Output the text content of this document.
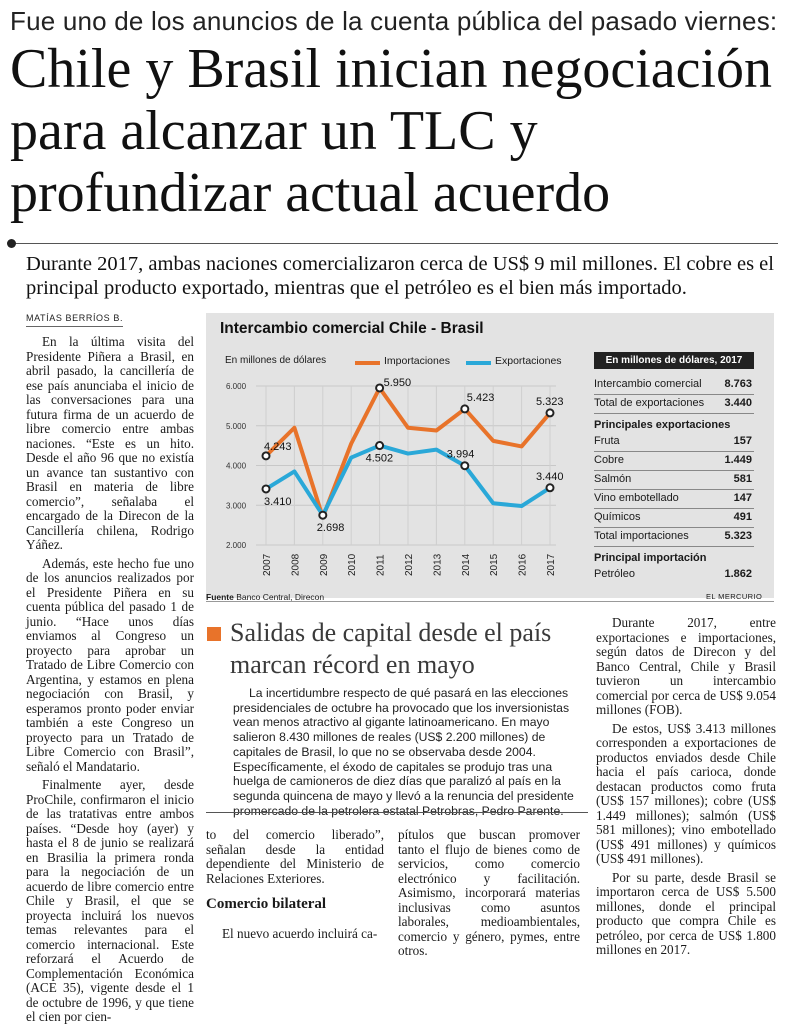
Fue uno de los anuncios de la cuenta pública del pasado viernes:
Chile y Brasil inician negociación
para alcanzar un TLC y
profundizar actual acuerdo
Durante 2017, ambas naciones comercializaron cerca de US$ 9 mil millones. El cobre es el principal producto exportado, mientras que el petróleo es el bien más importado.
MATÍAS BERRÍOS B.

En la última visita del Presidente Piñera a Brasil, en abril pasado, la cancillería de ese país anunciaba el inicio de las conversaciones para una futura firma de un acuerdo de libre comercio entre ambas naciones. “Este es un hito. Desde el año 96 que no existía un avance tan sustantivo con Brasil en materia de libre comercio”, señalaba el encargado de la Direcon de la Cancillería chilena, Rodrigo Yáñez.

Además, este hecho fue uno de los anuncios realizados por el Presidente Piñera en su cuenta pública del pasado 1 de junio. “Hace unos días enviamos al Congreso un proyecto para aprobar un Tratado de Libre Comercio con Argentina, y estamos en plena negociación con Brasil, y esperamos pronto poder enviar también a este Congreso un proyecto para un Tratado de Libre Comercio con Brasil”, señaló el Mandatario.

Finalmente ayer, desde ProChile, confirmaron el inicio de las tratativas entre ambos países. “Desde hoy (ayer) y hasta el 8 de junio se realizará en Brasilia la primera ronda para la negociación de un acuerdo de libre comercio entre Chile y Brasil, el que se proyecta incluirá los nuevos temas relevantes para el comercio internacional. Este reforzará el Acuerdo de Complementación Económica (ACE 35), vigente desde el 1 de octubre de 1996, y que tiene el cien por cien-

Intercambio comercial Chile - Brasil
En millones de dólares	Importaciones	Exportaciones
2.000
3.000
4.000
5.000
6.000
2007 2008 2009 2010 2011 2012 2013 2014 2015 2016 2017
4.243
5.950
5.423	5.323
3.410
2.698
4.502	3.994
3.440
Fuente Banco Central, Direcon	EL MERCURIO
En millones de dólares, 2017
Intercambio comercial 8.763
Total de exportaciones 3.440
Principales exportaciones
Fruta	157
Cobre	1.449
Salmón	581
Vino embotellado	147
Químicos	491
Total importaciones	5.323
Principal importación
Petróleo	1.862
Salidas de capital desde el país
marcan récord en mayo

La incertidumbre respecto de qué pasará en las elecciones presidenciales de octubre ha provocado que los inversionistas vean menos atractivo al gigante latinoamericano. En mayo salieron 8.430 millones de reales (US$ 2.200 millones) de capitales de Brasil, lo que no se observaba desde 2004. Específicamente, el éxodo de capitales se produjo tras una huelga de camioneros de diez días que paralizó al país en la segunda quincena de mayo y llevó a la renuncia del presidente promercado de la petrolera estatal Petrobras, Pedro Parente.

to del comercio liberado”, señalan desde la entidad dependiente del Ministerio de Relaciones Exteriores.

Comercio bilateral

El nuevo acuerdo incluirá ca-

pítulos que buscan promover tanto el flujo de bienes como de servicios, como comercio electrónico y facilitación. Asimismo, incorporará materias inclusivas como asuntos laborales, medioambientales, comercio y género, pymes, entre otros.

Durante 2017, entre exportaciones e importaciones, según datos de Direcon y del Banco Central, Chile y Brasil tuvieron un intercambio comercial por cerca de US$ 9.054 millones (FOB).

De estos, US$ 3.413 millones corresponden a exportaciones de productos enviados desde Chile hacia el país carioca, donde destacan productos como fruta (US$ 157 millones); cobre (US$ 1.449 millones); salmón (US$ 581 millones); vino embotellado (US$ 491 millones) y químicos (US$ 491 millones).

Por su parte, desde Brasil se importaron cerca de US$ 5.500 millones, donde el principal producto que compra Chile es petróleo, por cerca de US$ 1.800 millones en 2017.
